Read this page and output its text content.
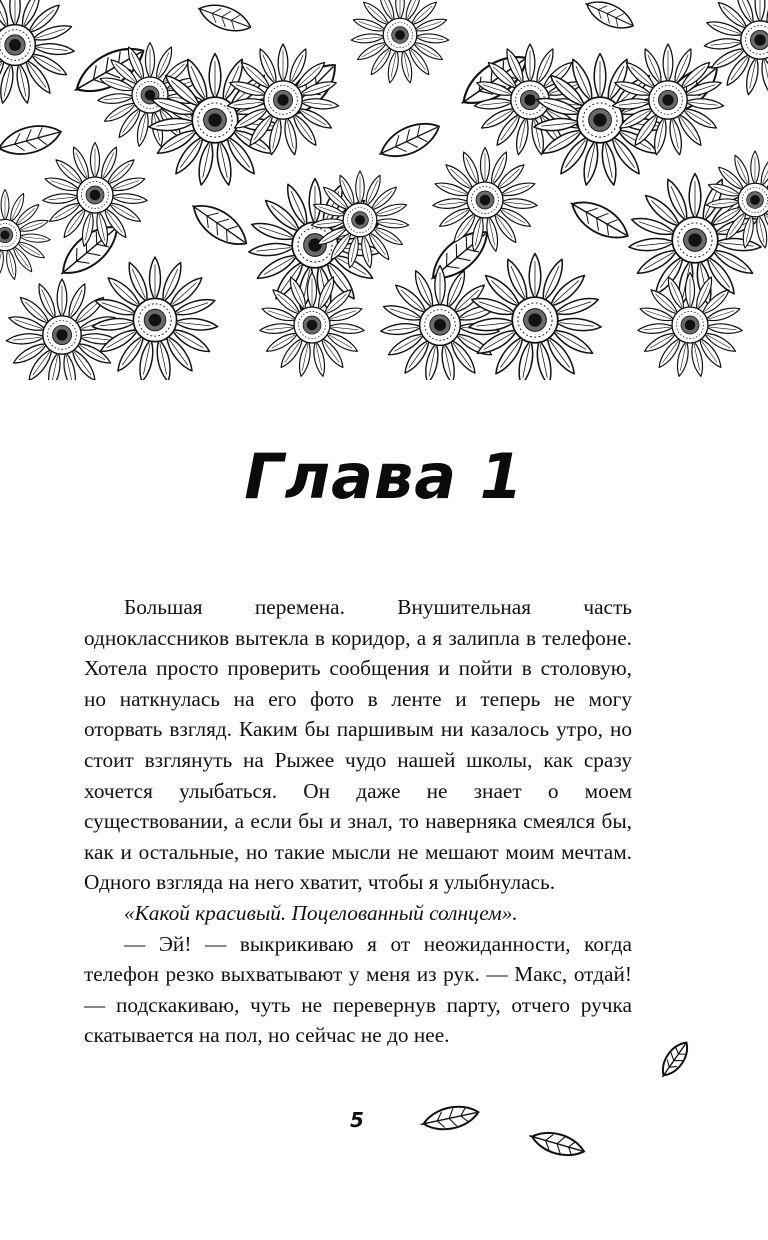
Глава 1

Большая перемена. Внушительная часть одноклассников вытекла в коридор, а я залипла в телефоне. Хотела просто проверить сообщения и пойти в столовую, но наткнулась на его фото в ленте и теперь не могу оторвать взгляд. Каким бы паршивым ни казалось утро, но стоит взглянуть на Рыжее чудо нашей школы, как сразу хочется улыбаться. Он даже не знает о моем существовании, а если бы и знал, то наверняка смеялся бы, как и остальные, но такие мысли не мешают моим мечтам. Одного взгляда на него хватит, чтобы я улыбнулась.

«Какой красивый. Поцелованный солнцем».

— Эй! — выкрикиваю я от неожиданности, когда телефон резко выхватывают у меня из рук. — Макс, отдай! — подскакиваю, чуть не перевернув парту, отчего ручка скатывается на пол, но сейчас не до нее.

5
